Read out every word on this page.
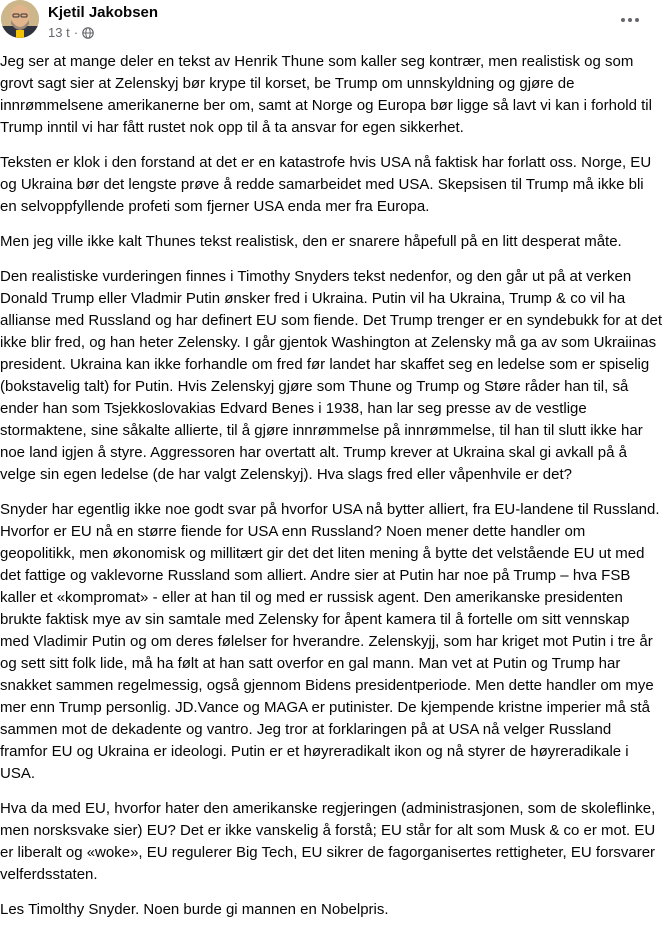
Kjetil Jakobsen
13 t ·

Jeg ser at mange deler en tekst av Henrik Thune som kaller seg kontrær, men realistisk og som grovt sagt sier at Zelenskyj bør krype til korset, be Trump om unnskyldning og gjøre de innrømmelsene amerikanerne ber om, samt at Norge og Europa bør ligge så lavt vi kan i forhold til Trump inntil vi har fått rustet nok opp til å ta ansvar for egen sikkerhet.

Teksten er klok i den forstand at det er en katastrofe hvis USA nå faktisk har forlatt oss. Norge, EU og Ukraina bør det lengste prøve å redde samarbeidet med USA. Skepsisen til Trump må ikke bli en selvoppfyllende profeti som fjerner USA enda mer fra Europa.

Men jeg ville ikke kalt Thunes tekst realistisk, den er snarere håpefull på en litt desperat måte.

Den realistiske vurderingen finnes i Timothy Snyders tekst nedenfor, og den går ut på at verken Donald Trump eller Vladmir Putin ønsker fred i Ukraina. Putin vil ha Ukraina, Trump & co vil ha allianse med Russland og har definert EU som fiende. Det Trump trenger er en syndebukk for at det ikke blir fred, og han heter Zelensky. I går gjentok Washington at Zelensky må ga av som Ukraiinas president. Ukraina kan ikke forhandle om fred før landet har skaffet seg en ledelse som er spiselig (bokstavelig talt) for Putin. Hvis Zelenskyj gjøre som Thune og Trump og Støre råder han til, så ender han som Tsjekkoslovakias Edvard Benes i 1938, han lar seg presse av de vestlige stormaktene, sine såkalte allierte, til å gjøre innrømmelse på innrømmelse, til han til slutt ikke har noe land igjen å styre. Aggressoren har overtatt alt. Trump krever at Ukraina skal gi avkall på å velge sin egen ledelse (de har valgt Zelenskyj). Hva slags fred eller våpenhvile er det?

Snyder har egentlig ikke noe godt svar på hvorfor USA nå bytter alliert, fra EU-landene til Russland. Hvorfor er EU nå en større fiende for USA enn Russland? Noen mener dette handler om geopolitikk, men økonomisk og millitært gir det det liten mening å bytte det velstående EU ut med det fattige og vaklevorne Russland som alliert. Andre sier at Putin har noe på Trump – hva FSB kaller et «kompromat» - eller at han til og med er russisk agent. Den amerikanske presidenten brukte faktisk mye av sin samtale med Zelensky for åpent kamera til å fortelle om sitt vennskap med Vladimir Putin og om deres følelser for hverandre. Zelenskyjj, som har kriget mot Putin i tre år og sett sitt folk lide, må ha følt at han satt overfor en gal mann. Man vet at Putin og Trump har snakket sammen regelmessig, også gjennom Bidens presidentperiode. Men dette handler om mye mer enn Trump personlig. JD.Vance og MAGA er putinister. De kjempende kristne imperier må stå sammen mot de dekadente og vantro. Jeg tror at forklaringen på at USA nå velger Russland framfor EU og Ukraina er ideologi. Putin er et høyreradikalt ikon og nå styrer de høyreradikale i USA.

Hva da med EU, hvorfor hater den amerikanske regjeringen (administrasjonen, som de skoleflinke, men norsksvake sier) EU? Det er ikke vanskelig å forstå; EU står for alt som Musk & co er mot. EU er liberalt og «woke», EU regulerer Big Tech, EU sikrer de fagorganisertes rettigheter, EU forsvarer velferdsstaten.

Les Timolthy Snyder. Noen burde gi mannen en Nobelpris.
